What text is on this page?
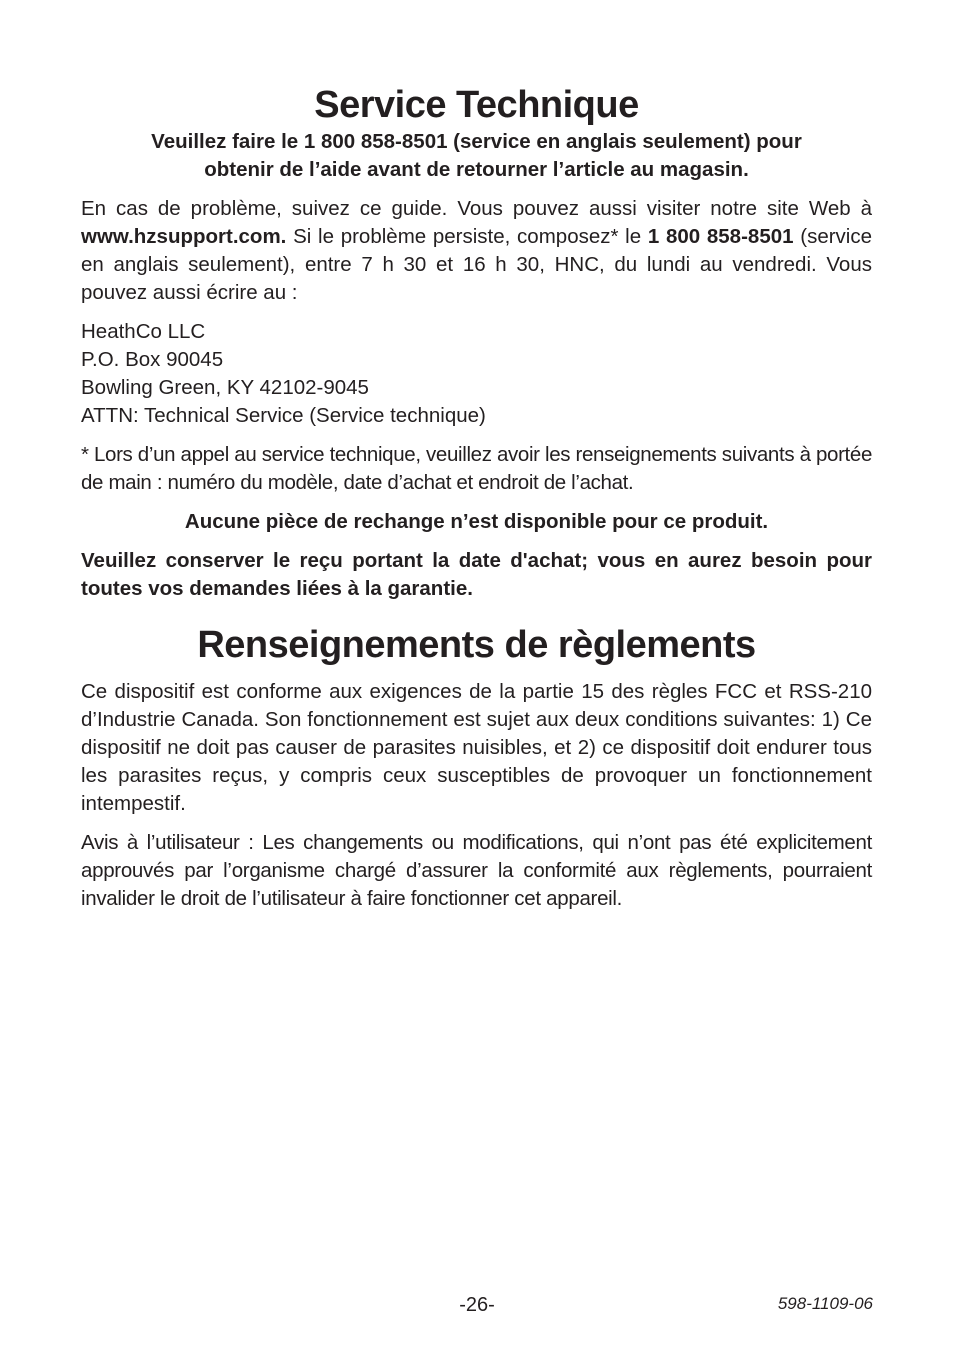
Service Technique

Veuillez faire le 1 800 858-8501 (service en anglais seulement) pour
obtenir de l’aide avant de retourner l’article au magasin.

En cas de problème, suivez ce guide. Vous pouvez aussi visiter notre site Web à www.hzsupport.com. Si le problème persiste, composez* le 1 800 858-8501 (service en anglais seulement), entre 7 h 30 et 16 h 30, HNC, du lundi au vendredi. Vous pouvez aussi écrire au :

HeathCo LLC
P.O. Box 90045
Bowling Green, KY 42102-9045
ATTN: Technical Service (Service technique)

* Lors d’un appel au service technique, veuillez avoir les renseignements suivants à portée de main : numéro du modèle, date d’achat et endroit de l’achat.

Aucune pièce de rechange n’est disponible pour ce produit.

Veuillez conserver le reçu portant la date d'achat; vous en aurez besoin pour toutes vos demandes liées à la garantie.

Renseignements de règlements

Ce dispositif est conforme aux exigences de la partie 15 des règles FCC et RSS-210 d’Industrie Canada. Son fonctionnement est sujet aux deux conditions suivantes: 1) Ce dispositif ne doit pas causer de parasites nuisibles, et 2) ce dispositif doit endurer tous les parasites reçus, y compris ceux susceptibles de provoquer un fonctionnement intempestif.

Avis à l’utilisateur : Les changements ou modifications, qui n’ont pas été explicitement approuvés par l’organisme chargé d’assurer la conformité aux règlements, pourraient invalider le droit de l’utilisateur à faire fonctionner cet appareil.

-26-	598-1109-06
